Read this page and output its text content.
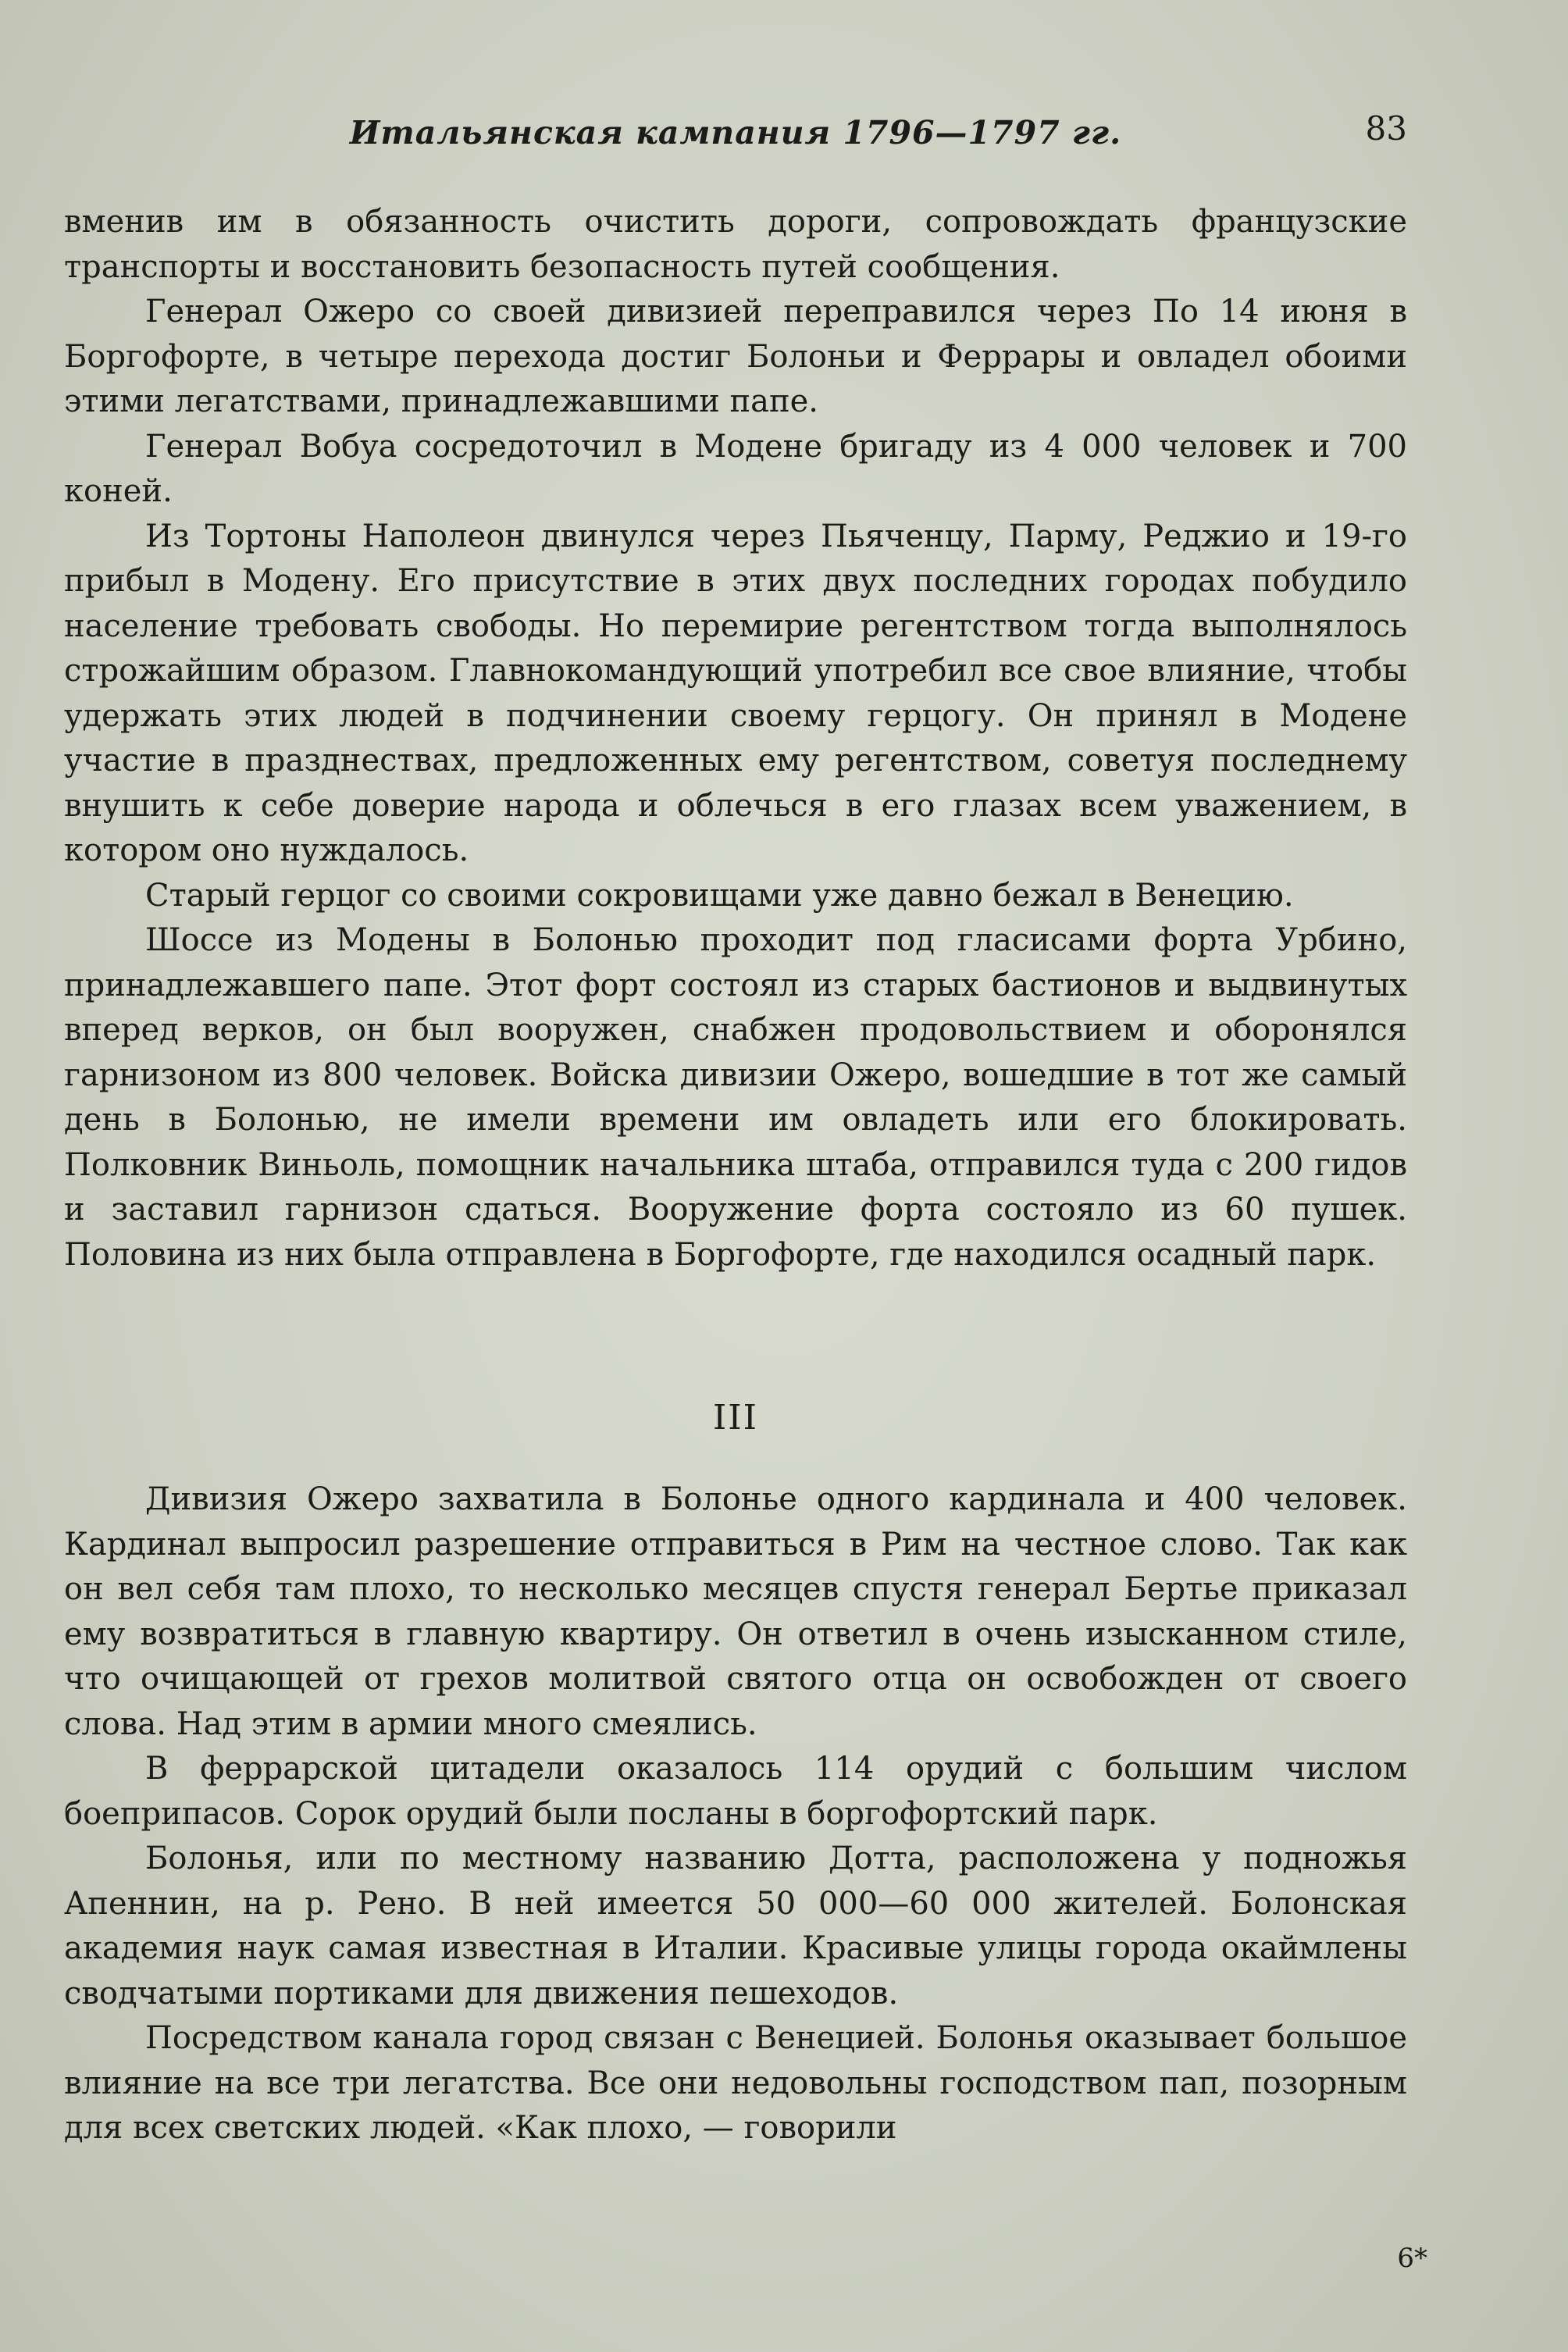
Итальянская кампания 1796—1797 гг.	83

вменив им в обязанность очистить дороги, сопровождать французские транспорты и восстановить безопасность путей сообщения.

Генерал Ожеро со своей дивизией переправился через По 14 июня в Боргофорте, в четыре перехода достиг Болоньи и Феррары и овладел обоими этими легатствами, принадлежавшими папе.

Генерал Вобуа сосредоточил в Модене бригаду из 4 000 человек и 700 коней.

Из Тортоны Наполеон двинулся через Пьяченцу, Парму, Реджио и 19-го прибыл в Модену. Его присутствие в этих двух последних городах побудило население требовать свободы. Но перемирие регентством тогда выполнялось строжайшим образом. Главнокомандующий употребил все свое влияние, чтобы удержать этих людей в подчинении своему герцогу. Он принял в Модене участие в празднествах, предложенных ему регентством, советуя последнему внушить к себе доверие народа и облечься в его глазах всем уважением, в котором оно нуждалось.

Старый герцог со своими сокровищами уже давно бежал в Венецию.

Шоссе из Модены в Болонью проходит под гласисами форта Урбино, принадлежавшего папе. Этот форт состоял из старых бастионов и выдвинутых вперед верков, он был вооружен, снабжен продовольствием и оборонялся гарнизоном из 800 человек. Войска дивизии Ожеро, вошедшие в тот же самый день в Болонью, не имели времени им овладеть или его блокировать. Полковник Виньоль, помощник начальника штаба, отправился туда с 200 гидов и заставил гарнизон сдаться. Вооружение форта состояло из 60 пушек. Половина из них была отправлена в Боргофорте, где находился осадный парк.

III

Дивизия Ожеро захватила в Болонье одного кардинала и 400 человек. Кардинал выпросил разрешение отправиться в Рим на честное слово. Так как он вел себя там плохо, то несколько месяцев спустя генерал Бертье приказал ему возвратиться в главную квартиру. Он ответил в очень изысканном стиле, что очищающей от грехов молитвой святого отца он освобожден от своего слова. Над этим в армии много смеялись.

В феррарской цитадели оказалось 114 орудий с большим числом боеприпасов. Сорок орудий были посланы в боргофортский парк.

Болонья, или по местному названию Дотта, расположена у подножья Апеннин, на р. Рено. В ней имеется 50 000—60 000 жителей. Болонская академия наук самая известная в Италии. Красивые улицы города окаймлены сводчатыми портиками для движения пешеходов.

Посредством канала город связан с Венецией. Болонья оказывает большое влияние на все три легатства. Все они недовольны господством пап, позорным для всех светских людей. «Как плохо, — говорили

6*
